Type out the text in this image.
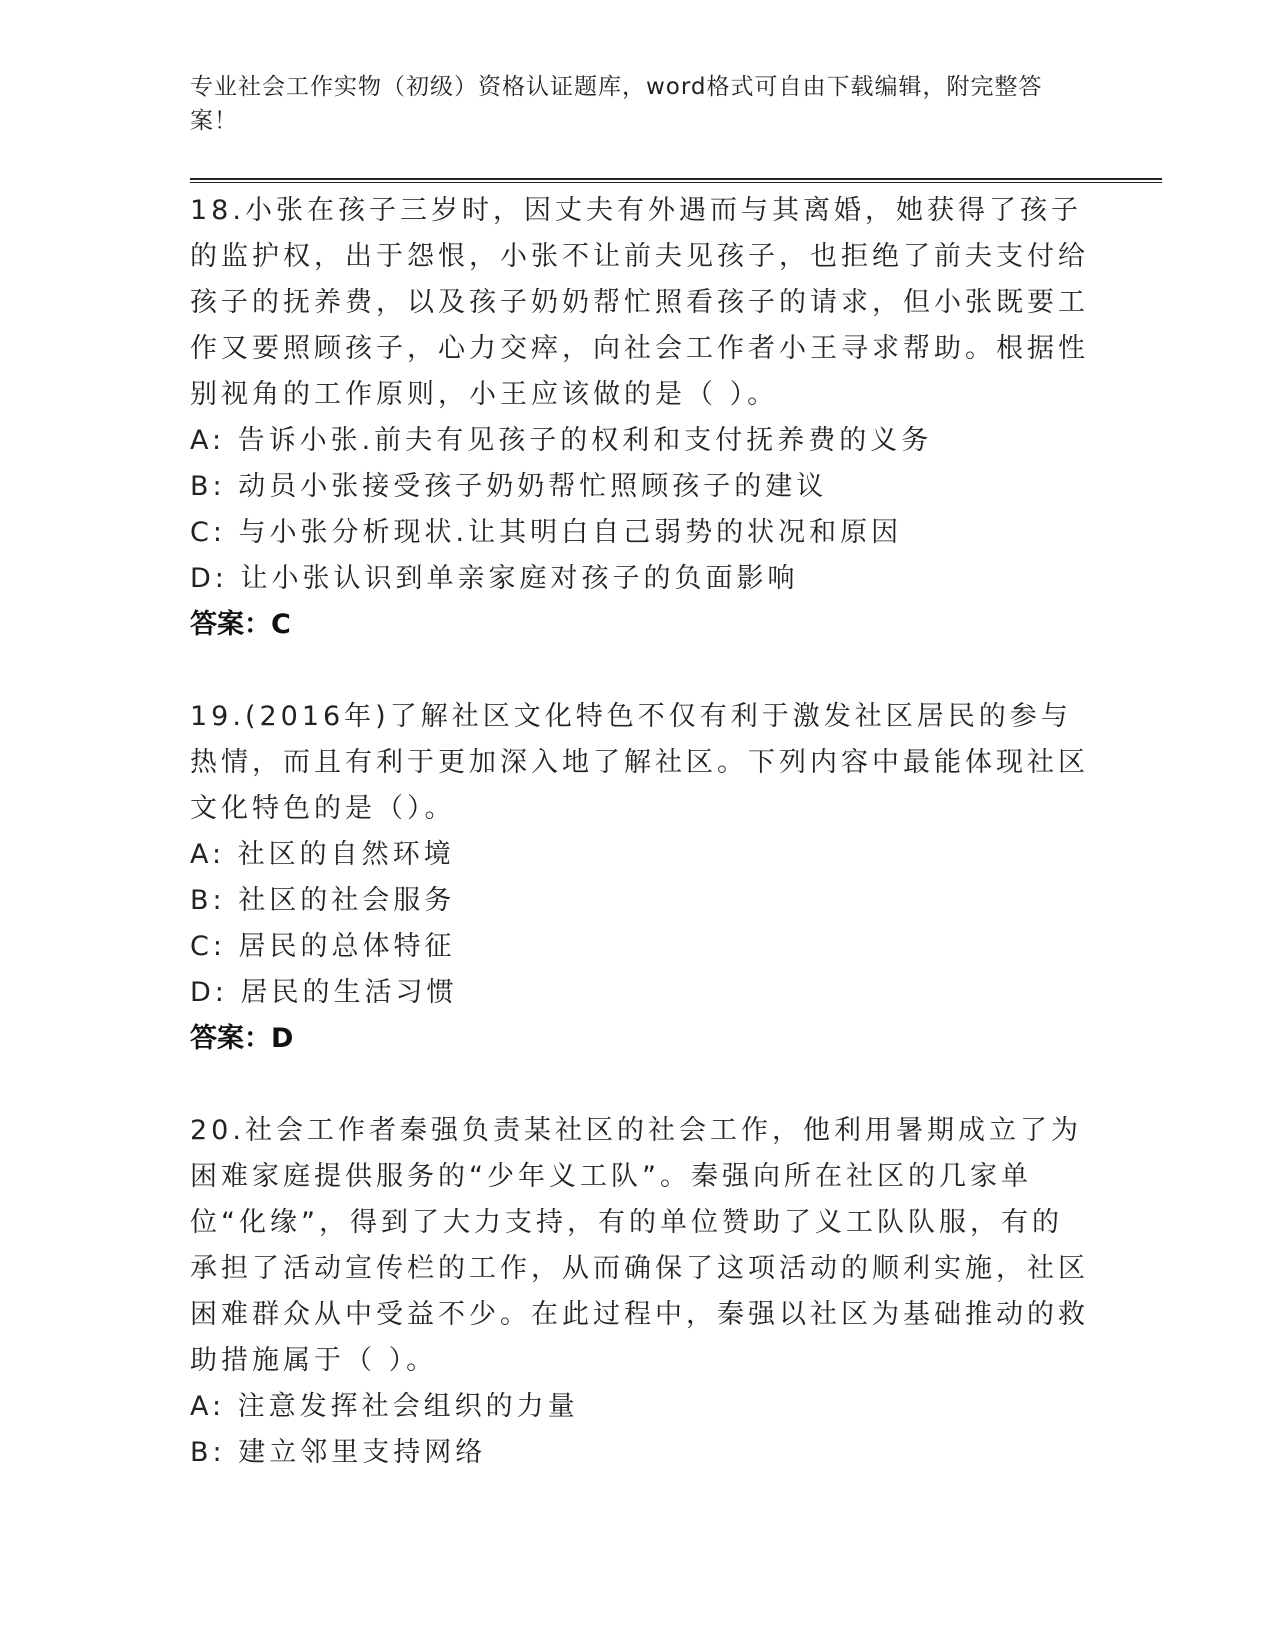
专业社会工作实物（初级）资格认证题库，word格式可自由下载编辑，附完整答案！

18.小张在孩子三岁时，因丈夫有外遇而与其离婚，她获得了孩子的监护权，出于怨恨，小张不让前夫见孩子，也拒绝了前夫支付给孩子的抚养费，以及孩子奶奶帮忙照看孩子的请求，但小张既要工作又要照顾孩子，心力交瘁，向社会工作者小王寻求帮助。根据性别视角的工作原则，小王应该做的是（ ）。

A: 告诉小张.前夫有见孩子的权利和支付抚养费的义务
B: 动员小张接受孩子奶奶帮忙照顾孩子的建议
C: 与小张分析现状.让其明白自己弱势的状况和原因
D: 让小张认识到单亲家庭对孩子的负面影响

答案：C

19.(2016年)了解社区文化特色不仅有利于激发社区居民的参与热情，而且有利于更加深入地了解社区。下列内容中最能体现社区文化特色的是（）。

A: 社区的自然环境
B: 社区的社会服务
C: 居民的总体特征
D: 居民的生活习惯

答案：D

20.社会工作者秦强负责某社区的社会工作，他利用暑期成立了为困难家庭提供服务的“少年义工队”。秦强向所在社区的几家单位“化缘”，得到了大力支持，有的单位赞助了义工队队服，有的承担了活动宣传栏的工作，从而确保了这项活动的顺利实施，社区困难群众从中受益不少。在此过程中，秦强以社区为基础推动的救助措施属于（ ）。

A: 注意发挥社会组织的力量
B: 建立邻里支持网络
